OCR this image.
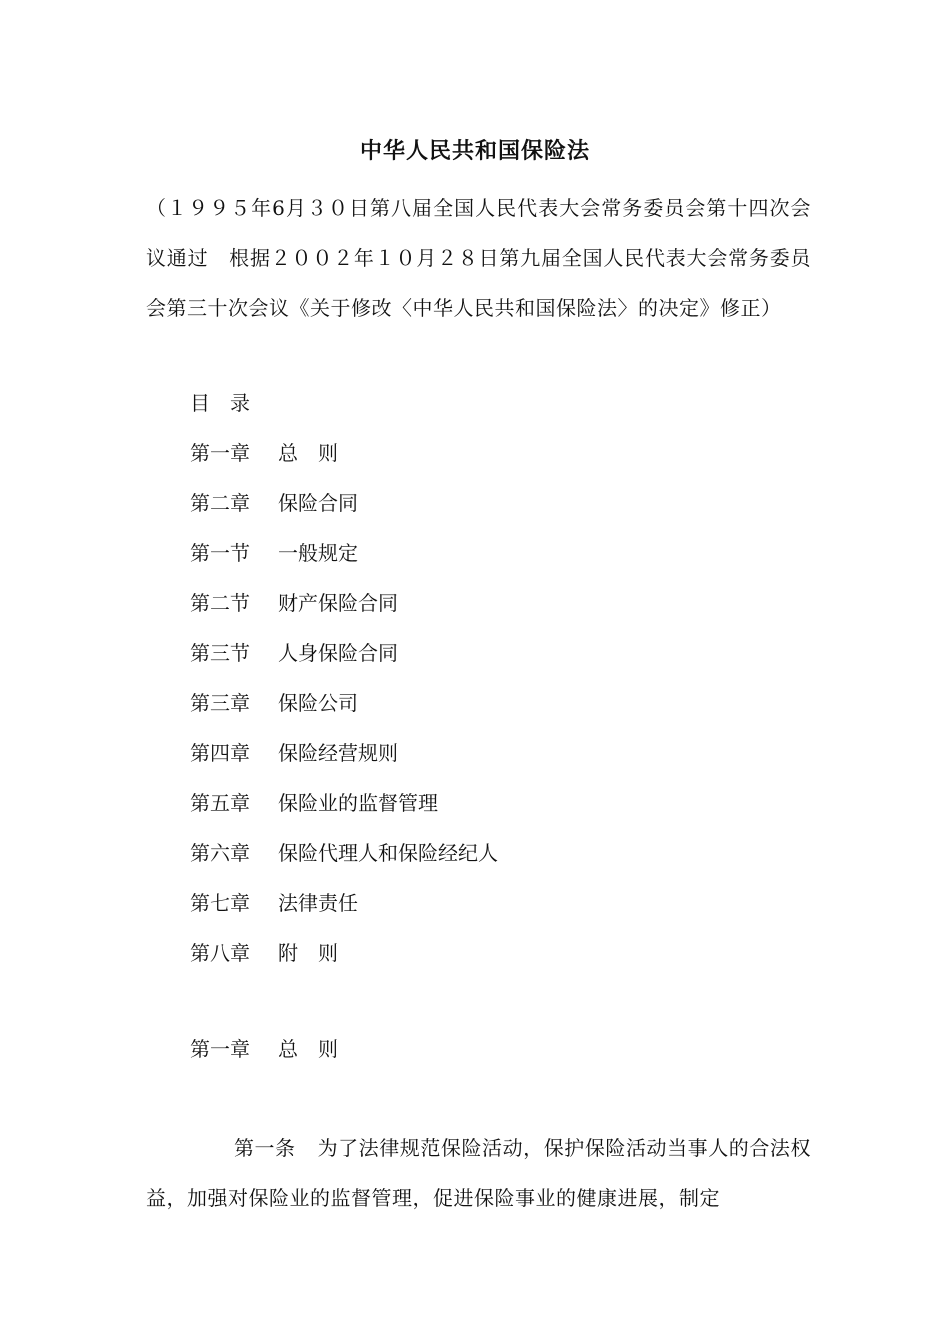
中华人民共和国保险法
（１９９５年6月３０日第八届全国人民代表大会常务委员会第十四次会议通过　根据２００２年１０月２８日第九届全国人民代表大会常务委员会第三十次会议《关于修改〈中华人民共和国保险法〉的决定》修正）
目　录
第一章 总　则
第二章 保险合同
第一节 一般规定
第二节 财产保险合同
第三节 人身保险合同
第三章 保险公司
第四章 保险经营规则
第五章 保险业的监督管理
第六章 保险代理人和保险经纪人
第七章 法律责任
第八章 附　则
第一章 总　则
第一条 为了法律规范保险活动，保护保险活动当事人的合法权益，加强对保险业的监督管理，促进保险事业的健康进展，制定
